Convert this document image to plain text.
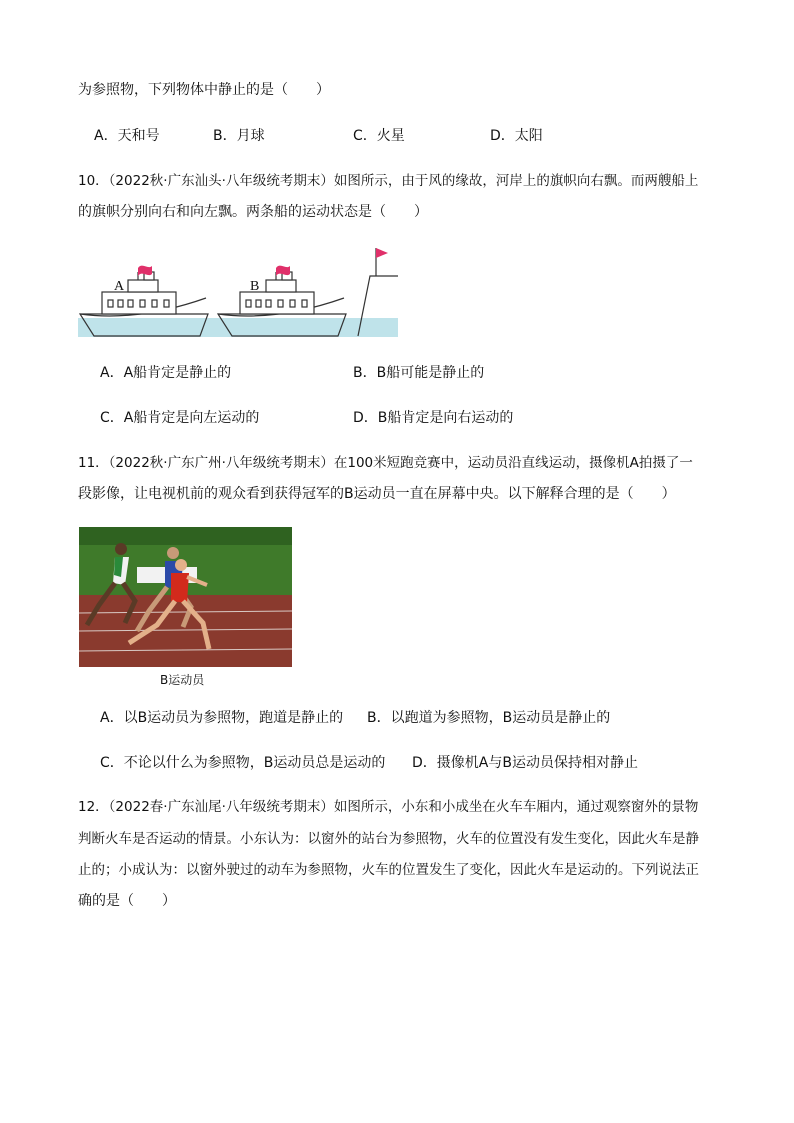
为参照物，下列物体中静止的是（　　）
A．天和号	B．月球	C．火星	D．太阳
10．（2022秋·广东汕头·八年级统考期末）如图所示，由于风的缘故，河岸上的旗帜向右飘。而两艘船上
的旗帜分别向右和向左飘。两条船的运动状态是（　　）
A	B
A．A船肯定是静止的	B．B船可能是静止的
C．A船肯定是向左运动的	D．B船肯定是向右运动的
11．（2022秋·广东广州·八年级统考期末）在100米短跑竞赛中，运动员沿直线运动，摄像机A拍摄了一
段影像，让电视机前的观众看到获得冠军的B运动员一直在屏幕中央。以下解释合理的是（　　）
B运动员
A．以B运动员为参照物，跑道是静止的 B．以跑道为参照物，B运动员是静止的
C．不论以什么为参照物，B运动员总是运动的 D．摄像机A与B运动员保持相对静止
12．（2022春·广东汕尾·八年级统考期末）如图所示，小东和小成坐在火车车厢内，通过观察窗外的景物
判断火车是否运动的情景。小东认为：以窗外的站台为参照物，火车的位置没有发生变化，因此火车是静
止的；小成认为：以窗外驶过的动车为参照物，火车的位置发生了变化，因此火车是运动的。下列说法正
确的是（　　）
